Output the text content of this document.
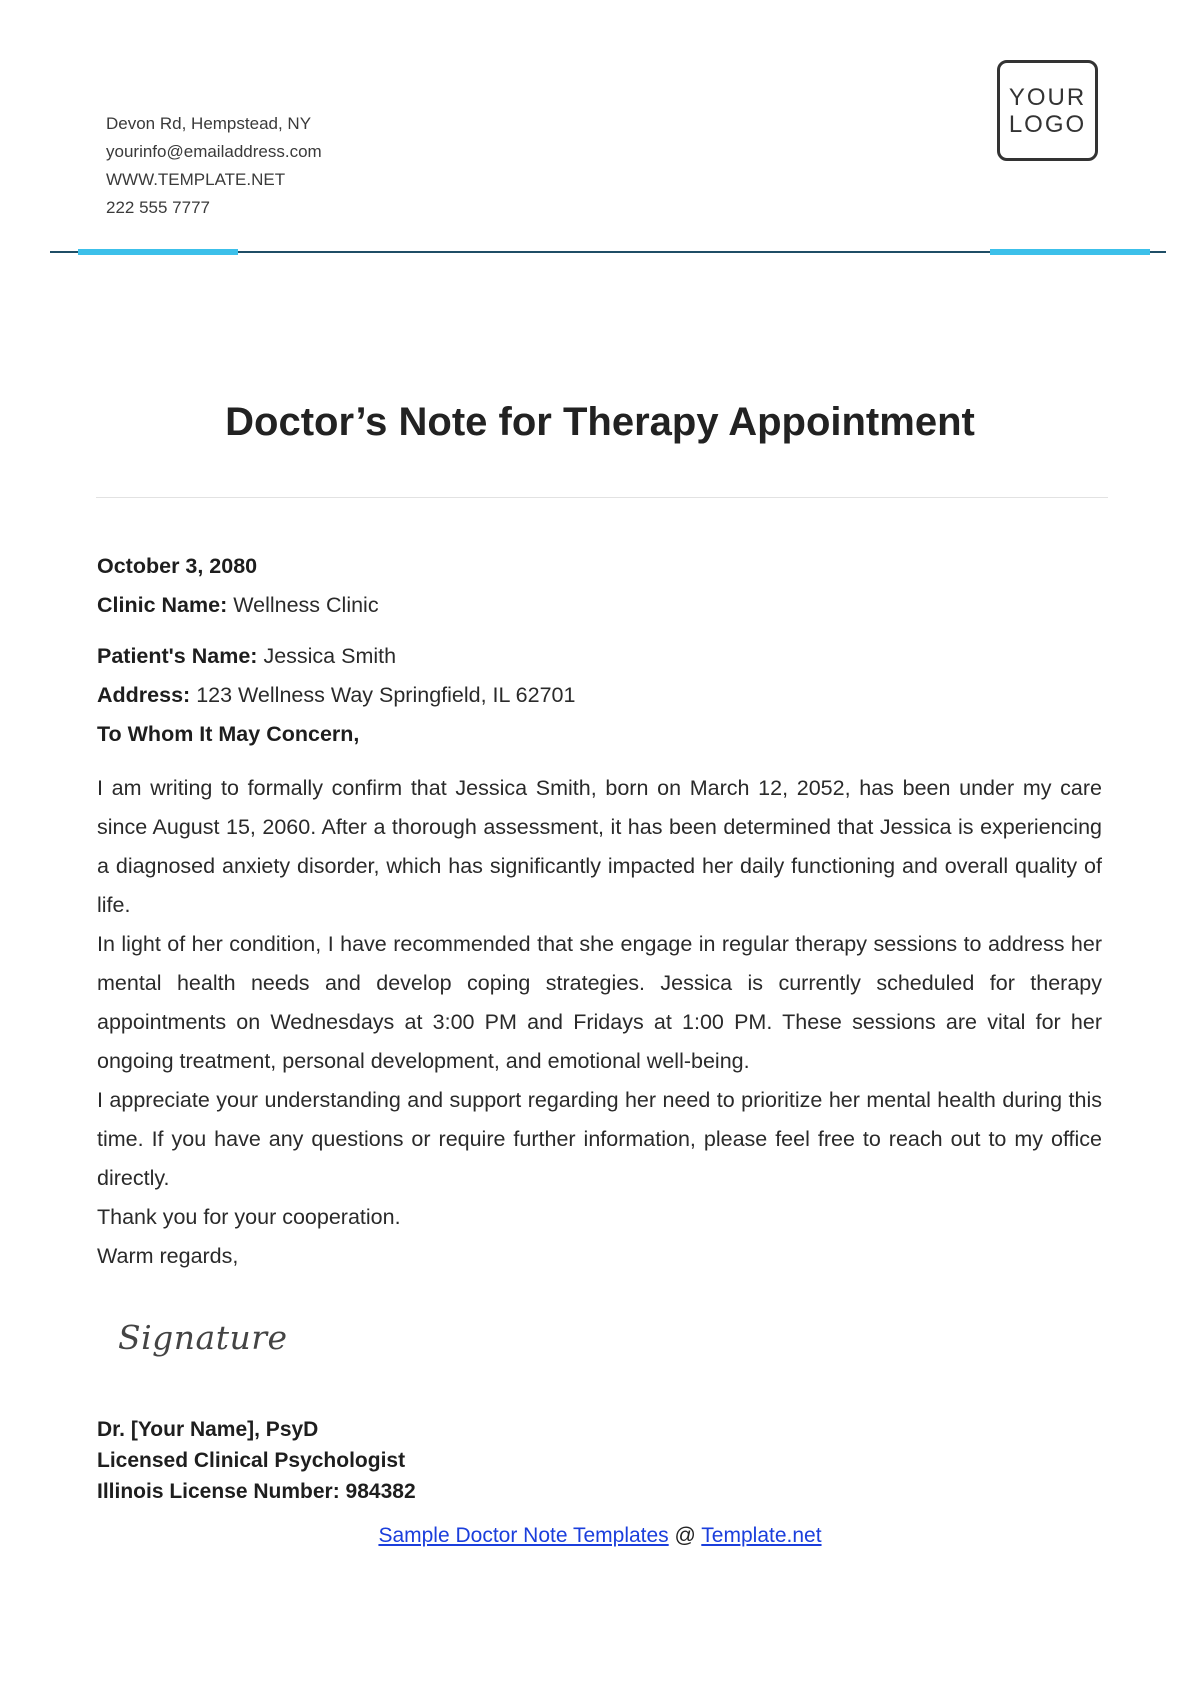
Devon Rd, Hempstead, NY
yourinfo@emailaddress.com
WWW.TEMPLATE.NET
222 555 7777
YOUR
LOGO
Doctor’s Note for Therapy Appointment
October 3, 2080
Clinic Name: Wellness Clinic
Patient's Name: Jessica Smith
Address: 123 Wellness Way Springfield, IL 62701
To Whom It May Concern,

I am writing to formally confirm that Jessica Smith, born on March 12, 2052, has been under my care since August 15, 2060. After a thorough assessment, it has been determined that Jessica is experiencing a diagnosed anxiety disorder, which has significantly impacted her daily functioning and overall quality of life.

In light of her condition, I have recommended that she engage in regular therapy sessions to address her mental health needs and develop coping strategies. Jessica is currently scheduled for therapy appointments on Wednesdays at 3:00 PM and Fridays at 1:00 PM. These sessions are vital for her ongoing treatment, personal development, and emotional well-being.

I appreciate your understanding and support regarding her need to prioritize her mental health during this time. If you have any questions or require further information, please feel free to reach out to my office directly.

Thank you for your cooperation.

Warm regards,

Signature
Dr. [Your Name], PsyD
Licensed Clinical Psychologist
Illinois License Number: 984382
Sample Doctor Note Templates @ Template.net
